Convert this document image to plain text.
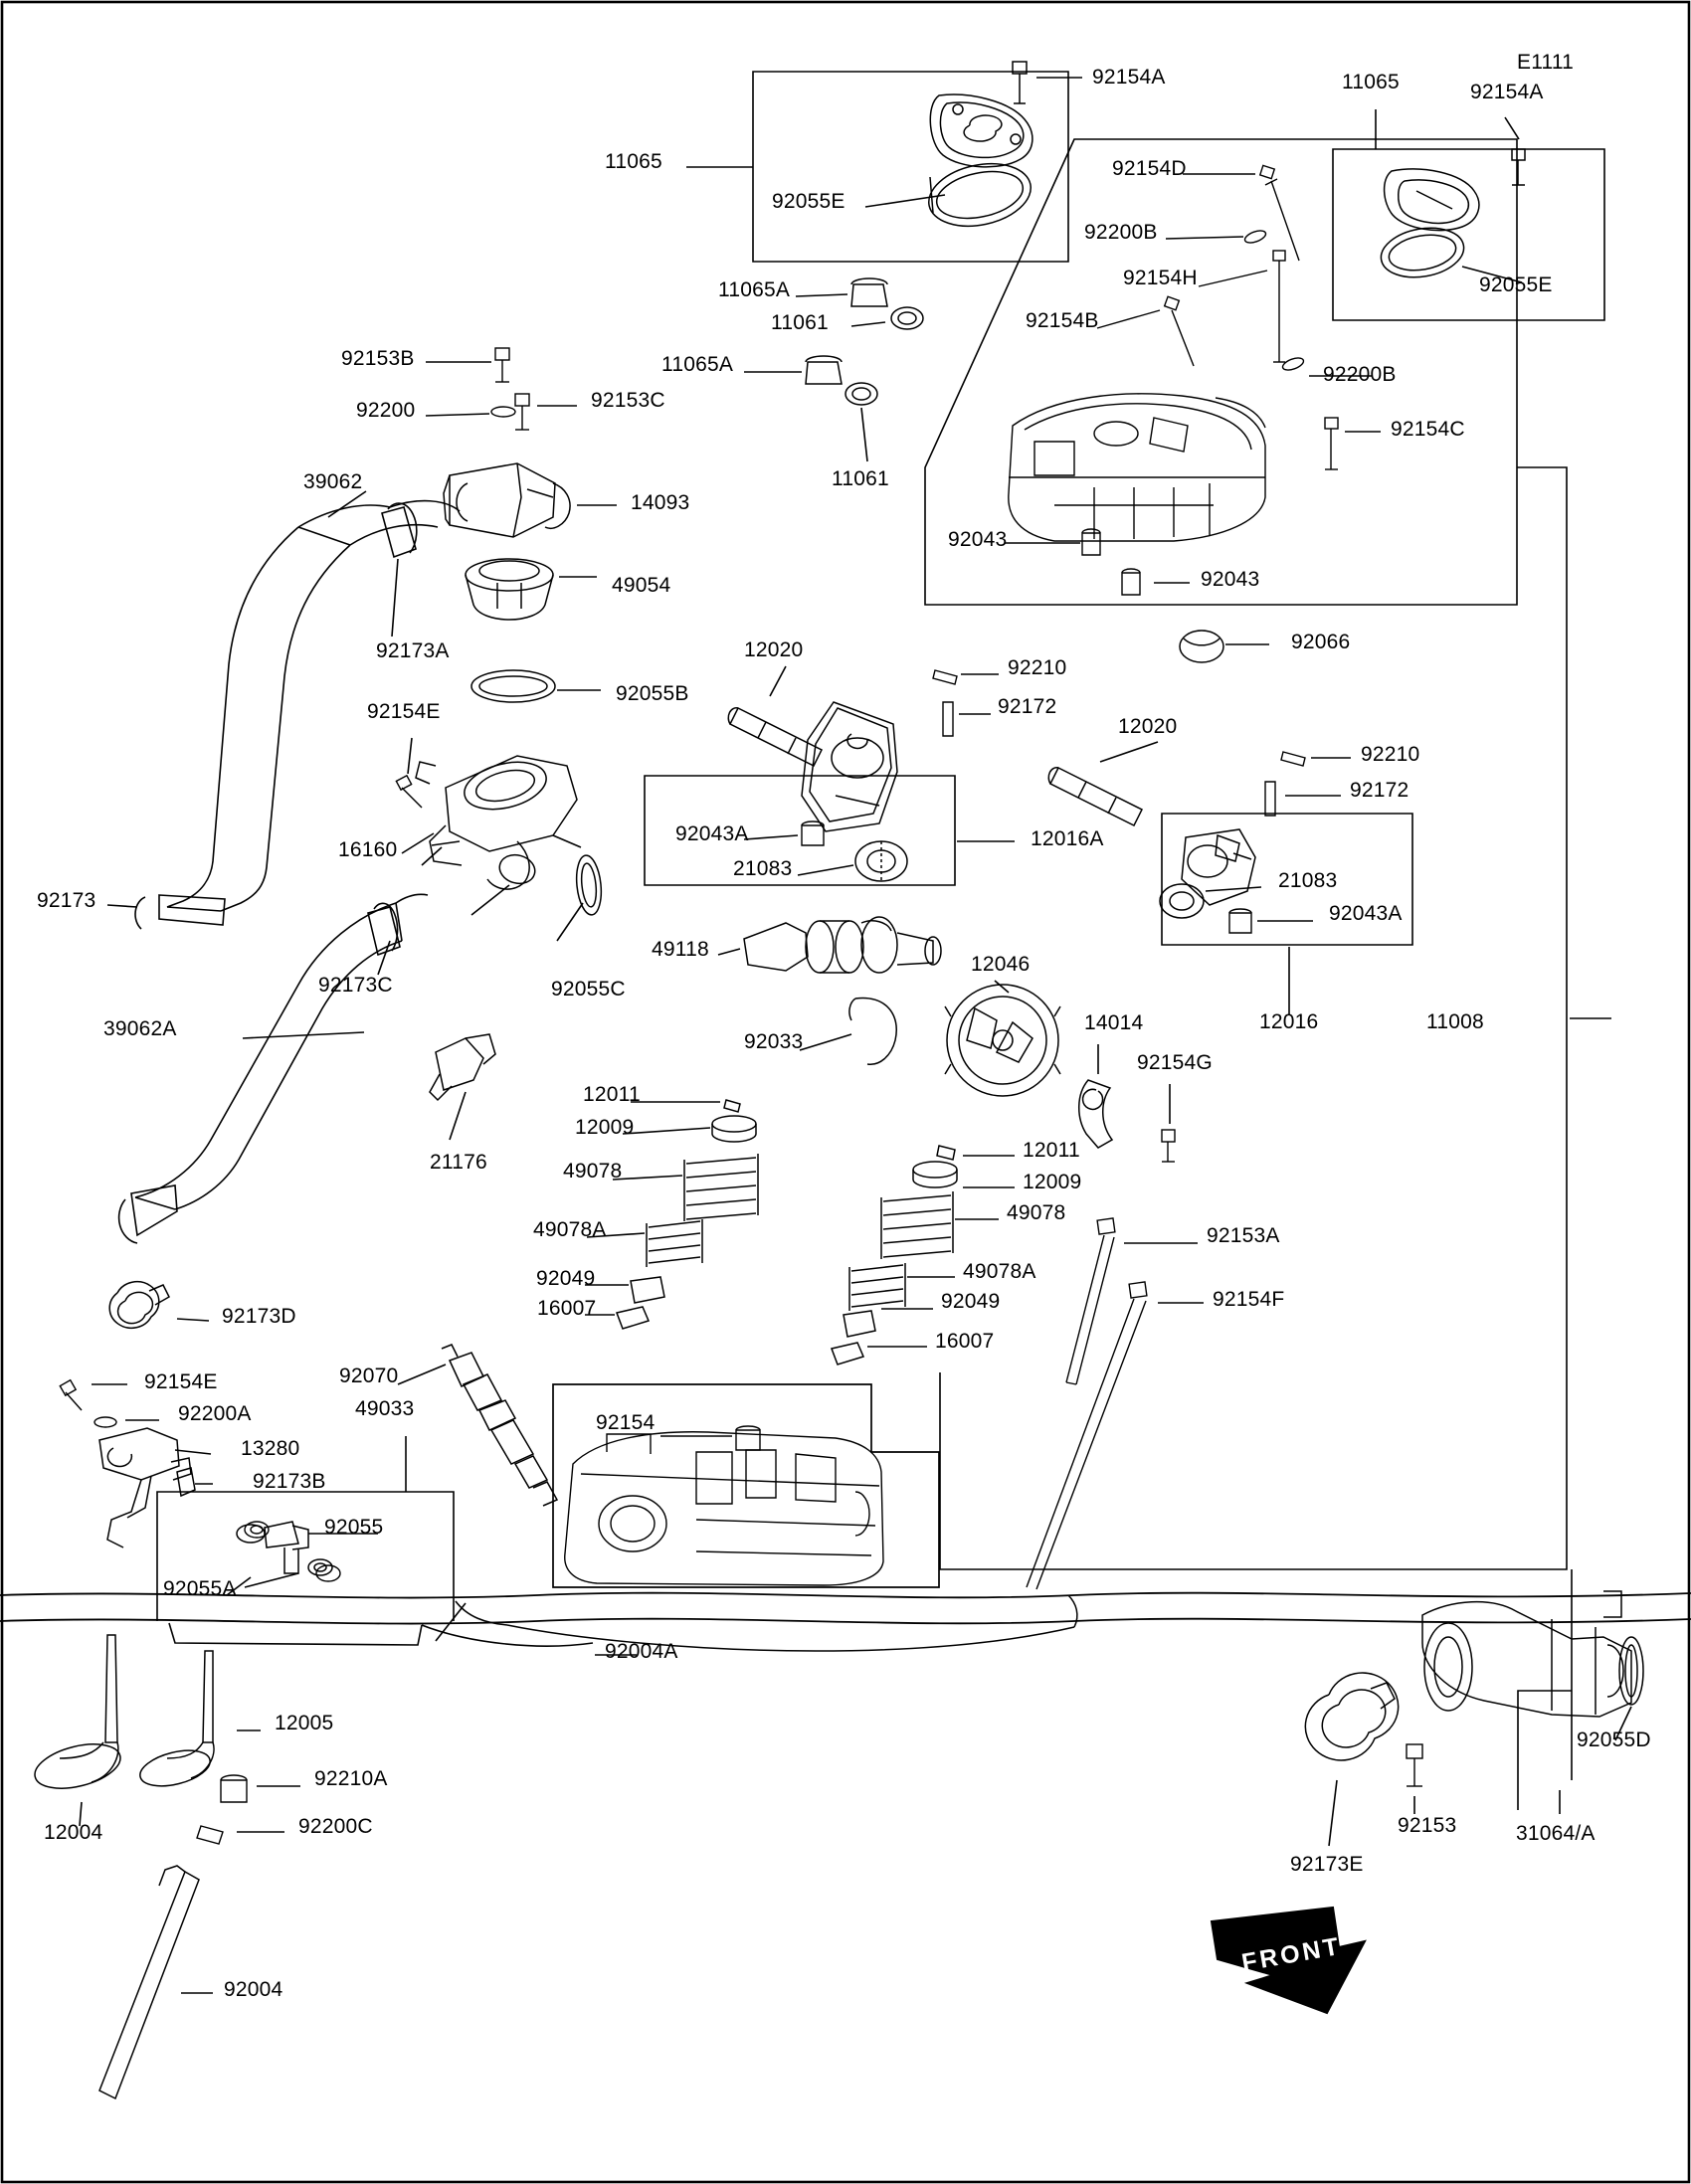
FRONT
92154A	11065
E1111
92154A
11065
92055E
92154D
92200B
92154H	92055E
92154B
11065A
11061
92200B
92153B	11065A
92200	92153C
92154C
11061
39062
14093
92043
92043
49054
92173A	92066
12020
92210
92055B
92172
12020
92154E
92210
92172
92043A	12016A
16160
21083
21083
92043A
92173
49118
12046
92055C
92173C
12016	11008
39062A
92033
14014
92154G
12011
21176
12009
12011
49078	12009
49078
49078A	92153A
49078A
92049
16007	92049	92154F
16007
92173D
92070
92154E
49033
92154
92200A
13280
92173B
92055
92055A
92004A
92055D
12005
92210A
92200C
12004	92153	31064/A
92173E
92004
